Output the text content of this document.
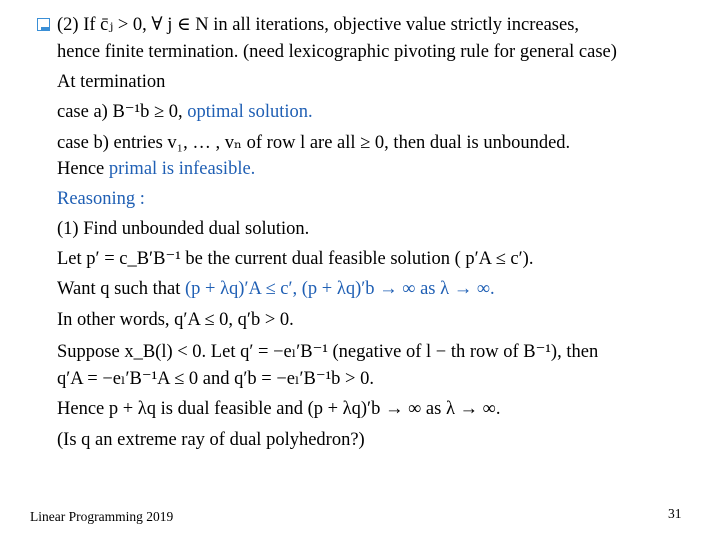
(2) If c̄ⱼ > 0, ∀ j ∈ N in all iterations, objective value strictly increases,
hence finite termination. (need lexicographic pivoting rule for general case)
At termination
case a) B⁻¹b ≥ 0, optimal solution.
case b) entries v₁, … , vₙ of row l are all ≥ 0, then dual is unbounded.
Hence primal is infeasible.
Reasoning :
(1) Find unbounded dual solution.
Let p′ = c_B′B⁻¹ be the current dual feasible solution ( p′A ≤ c′).
Want q such that (p + λq)′A ≤ c′, (p + λq)′b → ∞ as λ → ∞.
In other words, q′A ≤ 0, q′b > 0.
Suppose x_B(l) < 0. Let q′ = −eₗ′B⁻¹ (negative of l − th row of B⁻¹), then
q′A = −eₗ′B⁻¹A ≤ 0 and q′b = −eₗ′B⁻¹b > 0.
Hence p + λq is dual feasible and (p + λq)′b → ∞ as λ → ∞.
(Is q an extreme ray of dual polyhedron?)
Linear Programming 2019	31
